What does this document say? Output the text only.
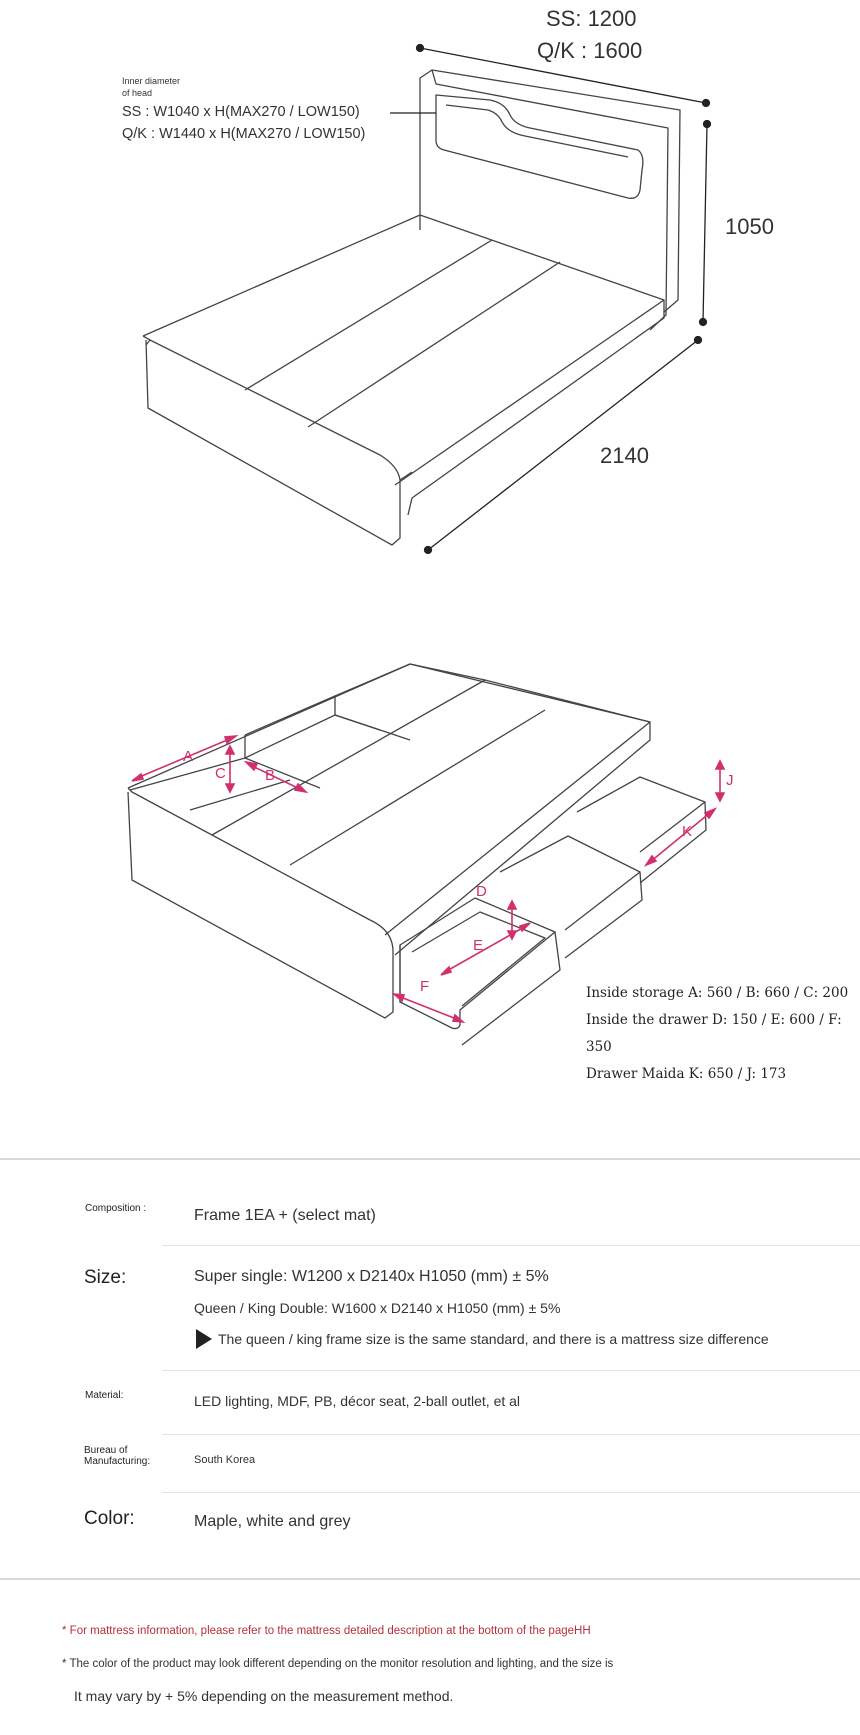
SS: 1200
Q/K : 1600
1050
2140
Inner diameter of head
SS : W1040 x H(MAX270 / LOW150)
Q/K : W1440 x H(MAX270 / LOW150)
A
B
C
D
E
F
J
K
Inside storage A: 560 / B: 660 / C: 200
Inside the drawer D: 150 / E: 600 / F: 350
Drawer Maida K: 650 / J: 173
Composition :	Frame 1EA + (select mat)
Size:	Super single: W1200 x D2140x H1050 (mm) ± 5%
Queen / King Double: W1600 x D2140 x H1050 (mm) ± 5%
The queen / king frame size is the same standard, and there is a mattress size difference
Material:	LED lighting, MDF, PB, décor seat, 2-ball outlet, et al
Bureau of Manufacturing:	South Korea
Color:	Maple, white and grey
* For mattress information, please refer to the mattress detailed description at the bottom of the pageHH
* The color of the product may look different depending on the monitor resolution and lighting, and the size is
It may vary by + 5% depending on the measurement method.
